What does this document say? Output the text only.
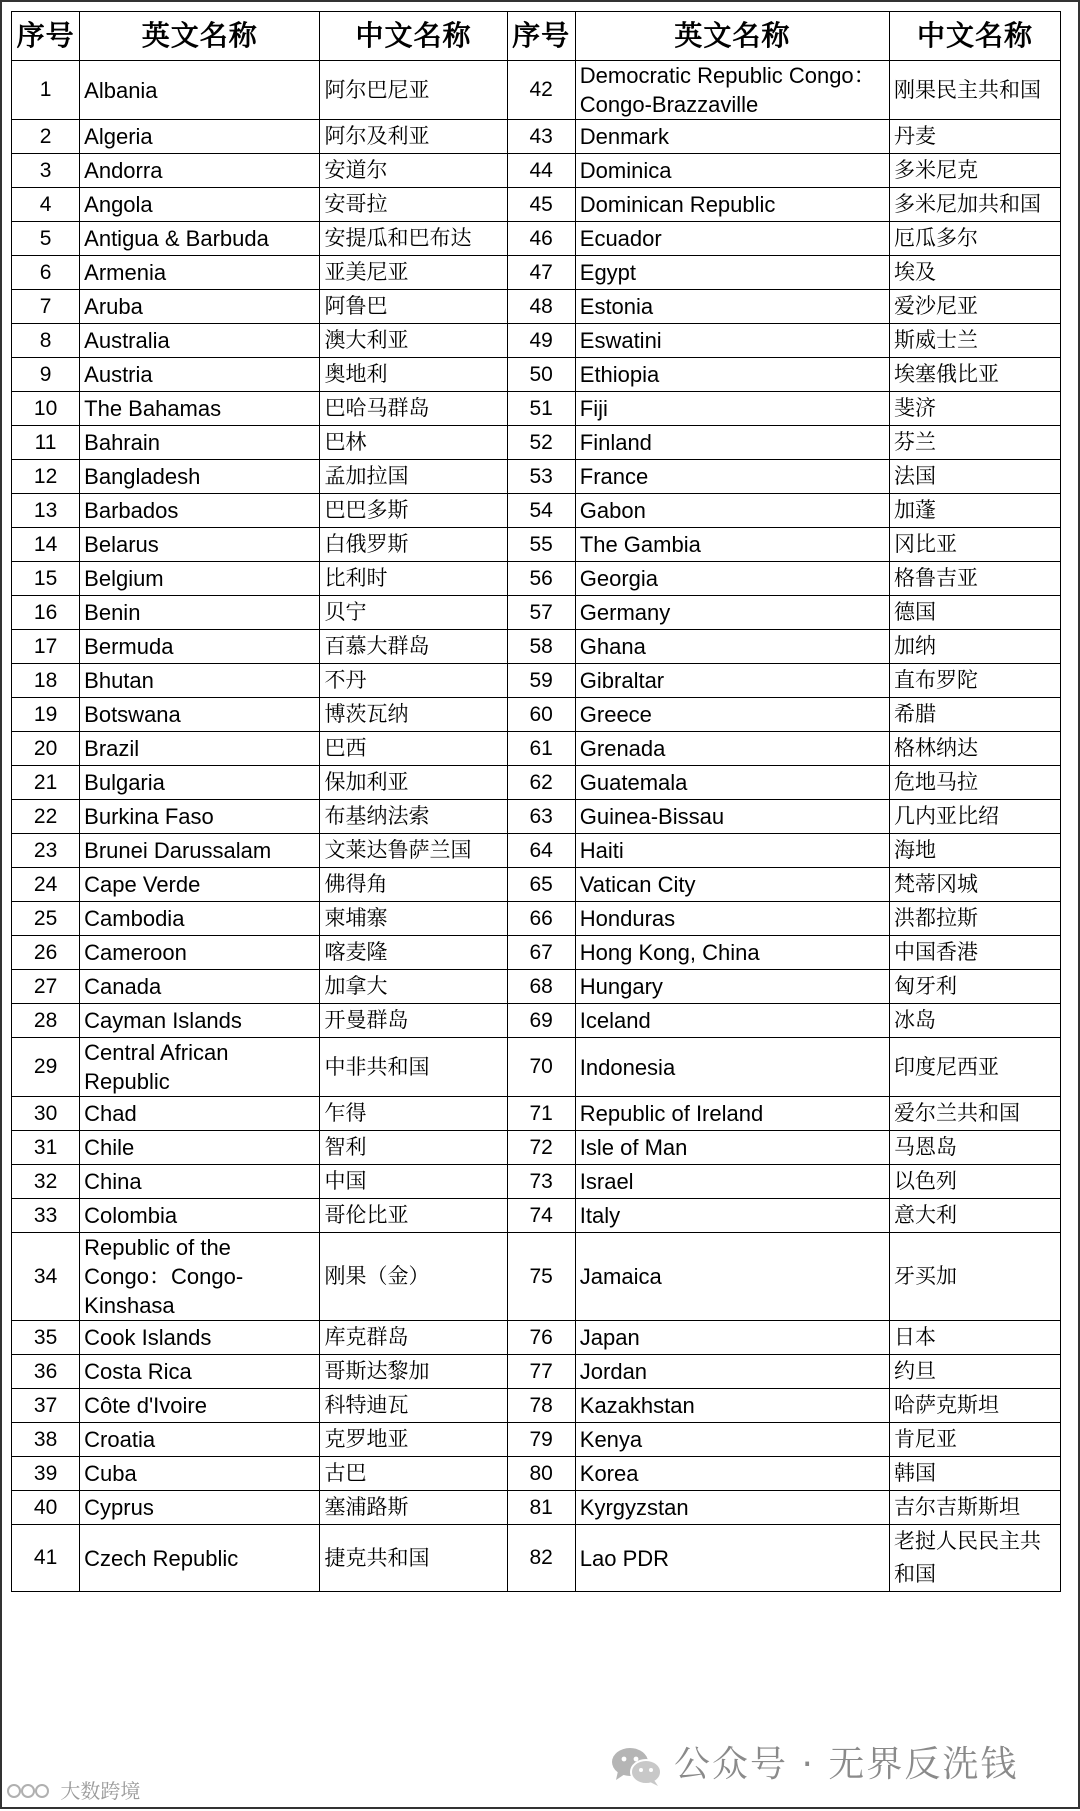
序号	英文名称	中文名称	序号	英文名称	中文名称
1	Albania	阿尔巴尼亚	42	Democratic Republic Congo：Congo-Brazzaville	刚果民主共和国
2	Algeria	阿尔及利亚	43	Denmark	丹麦
3	Andorra	安道尔	44	Dominica	多米尼克
4	Angola	安哥拉	45	Dominican Republic	多米尼加共和国
5	Antigua & Barbuda	安提瓜和巴布达	46	Ecuador	厄瓜多尔
6	Armenia	亚美尼亚	47	Egypt	埃及
7	Aruba	阿鲁巴	48	Estonia	爱沙尼亚
8	Australia	澳大利亚	49	Eswatini	斯威士兰
9	Austria	奥地利	50	Ethiopia	埃塞俄比亚
10	The Bahamas	巴哈马群岛	51	Fiji	斐济
11	Bahrain	巴林	52	Finland	芬兰
12	Bangladesh	孟加拉国	53	France	法国
13	Barbados	巴巴多斯	54	Gabon	加蓬
14	Belarus	白俄罗斯	55	The Gambia	冈比亚
15	Belgium	比利时	56	Georgia	格鲁吉亚
16	Benin	贝宁	57	Germany	德国
17	Bermuda	百慕大群岛	58	Ghana	加纳
18	Bhutan	不丹	59	Gibraltar	直布罗陀
19	Botswana	博茨瓦纳	60	Greece	希腊
20	Brazil	巴西	61	Grenada	格林纳达
21	Bulgaria	保加利亚	62	Guatemala	危地马拉
22	Burkina Faso	布基纳法索	63	Guinea-Bissau	几内亚比绍
23	Brunei Darussalam	文莱达鲁萨兰国	64	Haiti	海地
24	Cape Verde	佛得角	65	Vatican City	梵蒂冈城
25	Cambodia	柬埔寨	66	Honduras	洪都拉斯
26	Cameroon	喀麦隆	67	Hong Kong, China	中国香港
27	Canada	加拿大	68	Hungary	匈牙利
28	Cayman Islands	开曼群岛	69	Iceland	冰岛
29	Central African Republic	中非共和国	70	Indonesia	印度尼西亚
30	Chad	乍得	71	Republic of Ireland	爱尔兰共和国
31	Chile	智利	72	Isle of Man	马恩岛
32	China	中国	73	Israel	以色列
33	Colombia	哥伦比亚	74	Italy	意大利
34	Republic of the Congo：Congo-Kinshasa	刚果（金）	75	Jamaica	牙买加
35	Cook Islands	库克群岛	76	Japan	日本
36	Costa Rica	哥斯达黎加	77	Jordan	约旦
37	Côte d'Ivoire	科特迪瓦	78	Kazakhstan	哈萨克斯坦
38	Croatia	克罗地亚	79	Kenya	肯尼亚
39	Cuba	古巴	80	Korea	韩国
40	Cyprus	塞浦路斯	81	Kyrgyzstan	吉尔吉斯斯坦
41	Czech Republic	捷克共和国	82	Lao PDR	老挝人民民主共和国
大数跨境
公众号 · 无界反洗钱
